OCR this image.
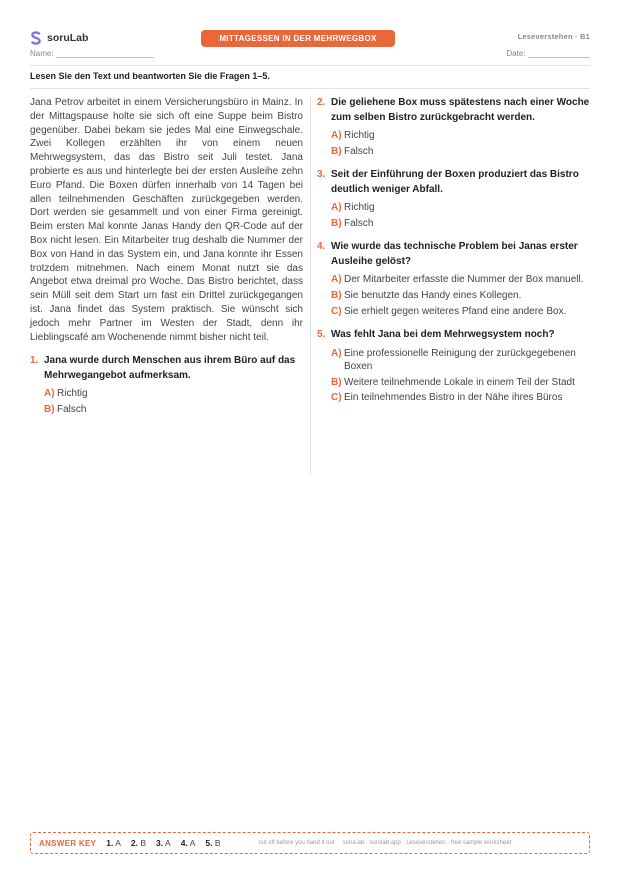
soruLab	MITTAGESSEN IN DER MEHRWEGBOX	Leseverstehen · B1
Name: ______________________	Date: ______________
Lesen Sie den Text und beantworten Sie die Fragen 1–5.

Jana Petrov arbeitet in einem Versicherungsbüro in Mainz. In der Mittagspause holte sie sich oft eine Suppe beim Bistro gegenüber. Dabei bekam sie jedes Mal eine Einwegschale. Zwei Kollegen erzählten ihr von einem neuen Mehrwegsystem, das das Bistro seit Juli testet. Jana probierte es aus und hinterlegte bei der ersten Ausleihe zehn Euro Pfand. Die Boxen dürfen innerhalb von 14 Tagen bei allen teilnehmenden Geschäften zurückgegeben werden. Dort werden sie gesammelt und von einer Firma gereinigt. Beim ersten Mal konnte Janas Handy den QR-Code auf der Box nicht lesen. Ein Mitarbeiter trug deshalb die Nummer der Box von Hand in das System ein, und Jana konnte ihr Essen trotzdem mitnehmen. Nach einem Monat nutzt sie das Angebot etwa dreimal pro Woche. Das Bistro berichtet, dass sein Müll seit dem Start um fast ein Drittel zurückgegangen ist. Jana findet das System praktisch. Sie wünscht sich jedoch mehr Partner im Westen der Stadt, denn ihr Lieblingscafé am Wochenende nimmt bisher nicht teil.

1. Jana wurde durch Menschen aus ihrem Büro auf das Mehrwegangebot aufmerksam.
A) Richtig
B) Falsch
2. Die geliehene Box muss spätestens nach einer Woche zum selben Bistro zurückgebracht werden.
A) Richtig
B) Falsch
3. Seit der Einführung der Boxen produziert das Bistro deutlich weniger Abfall.
A) Richtig
B) Falsch
4. Wie wurde das technische Problem bei Janas erster Ausleihe gelöst?
A) Der Mitarbeiter erfasste die Nummer der Box manuell.
B) Sie benutzte das Handy eines Kollegen.
C) Sie erhielt gegen weiteres Pfand eine andere Box.
5. Was fehlt Jana bei dem Mehrwegsystem noch?
A) Eine professionelle Reinigung der zurückgegebenen Boxen
B) Weitere teilnehmende Lokale in einem Teil der Stadt
C) Ein teilnehmendes Bistro in der Nähe ihres Büros
ANSWER KEY 1. A 2. B 3. A 4. A 5. B	cut off before you hand it out soruLab · sorulab.app · Leseverstehen · free sample worksheet
